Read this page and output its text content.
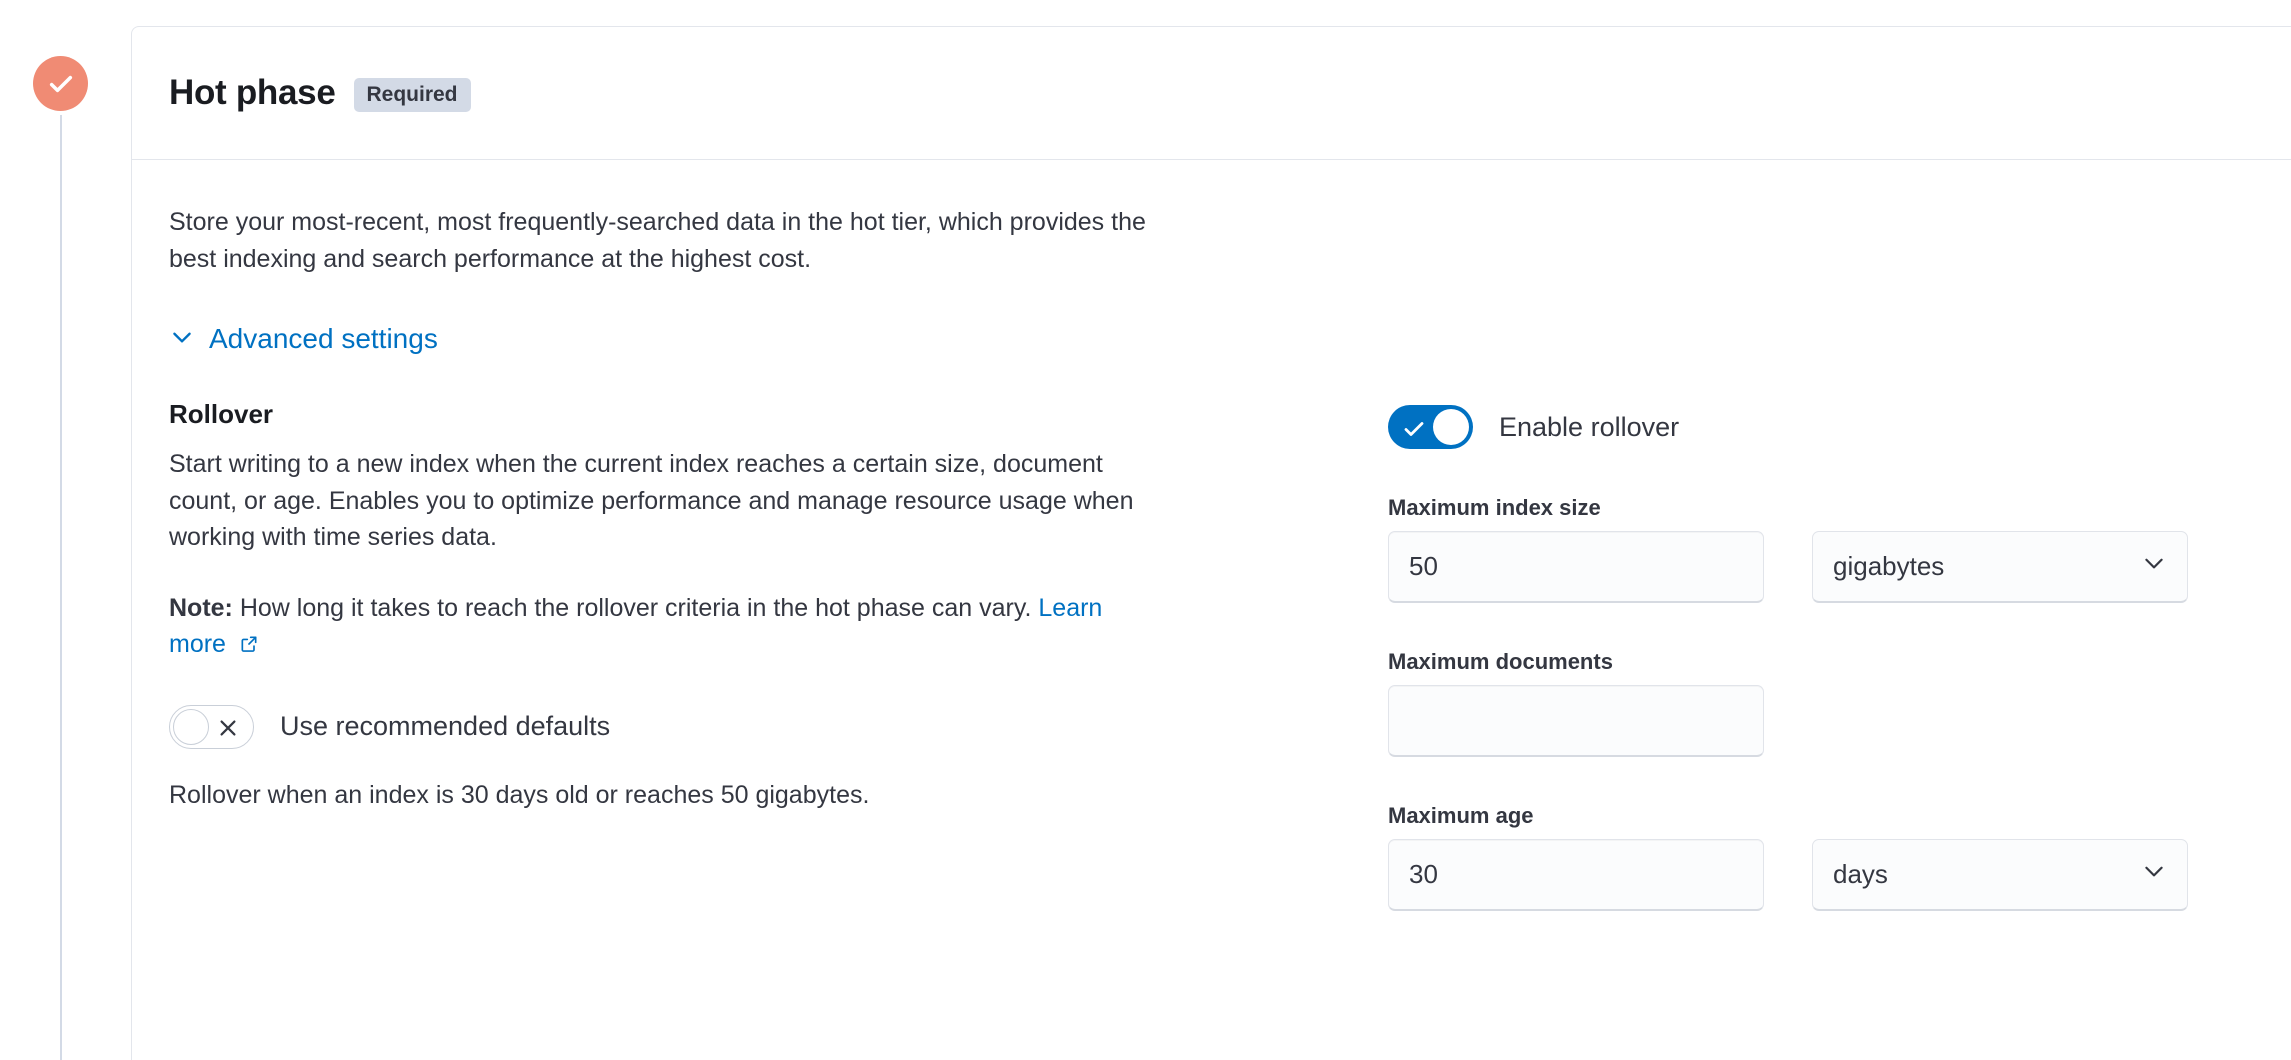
Hot phase	Required

Store your most-recent, most frequently-searched data in the hot tier, which provides the best indexing and search performance at the highest cost.

Advanced settings
Rollover

Start writing to a new index when the current index reaches a certain size, document count, or age. Enables you to optimize performance and manage resource usage when working with time series data.

Note: How long it takes to reach the rollover criteria in the hot phase can vary. Learn more

Use recommended defaults

Rollover when an index is 30 days old or reaches 50 gigabytes.

Enable rollover
Maximum index size
50	gigabytes
Maximum documents
Maximum age
30	days
